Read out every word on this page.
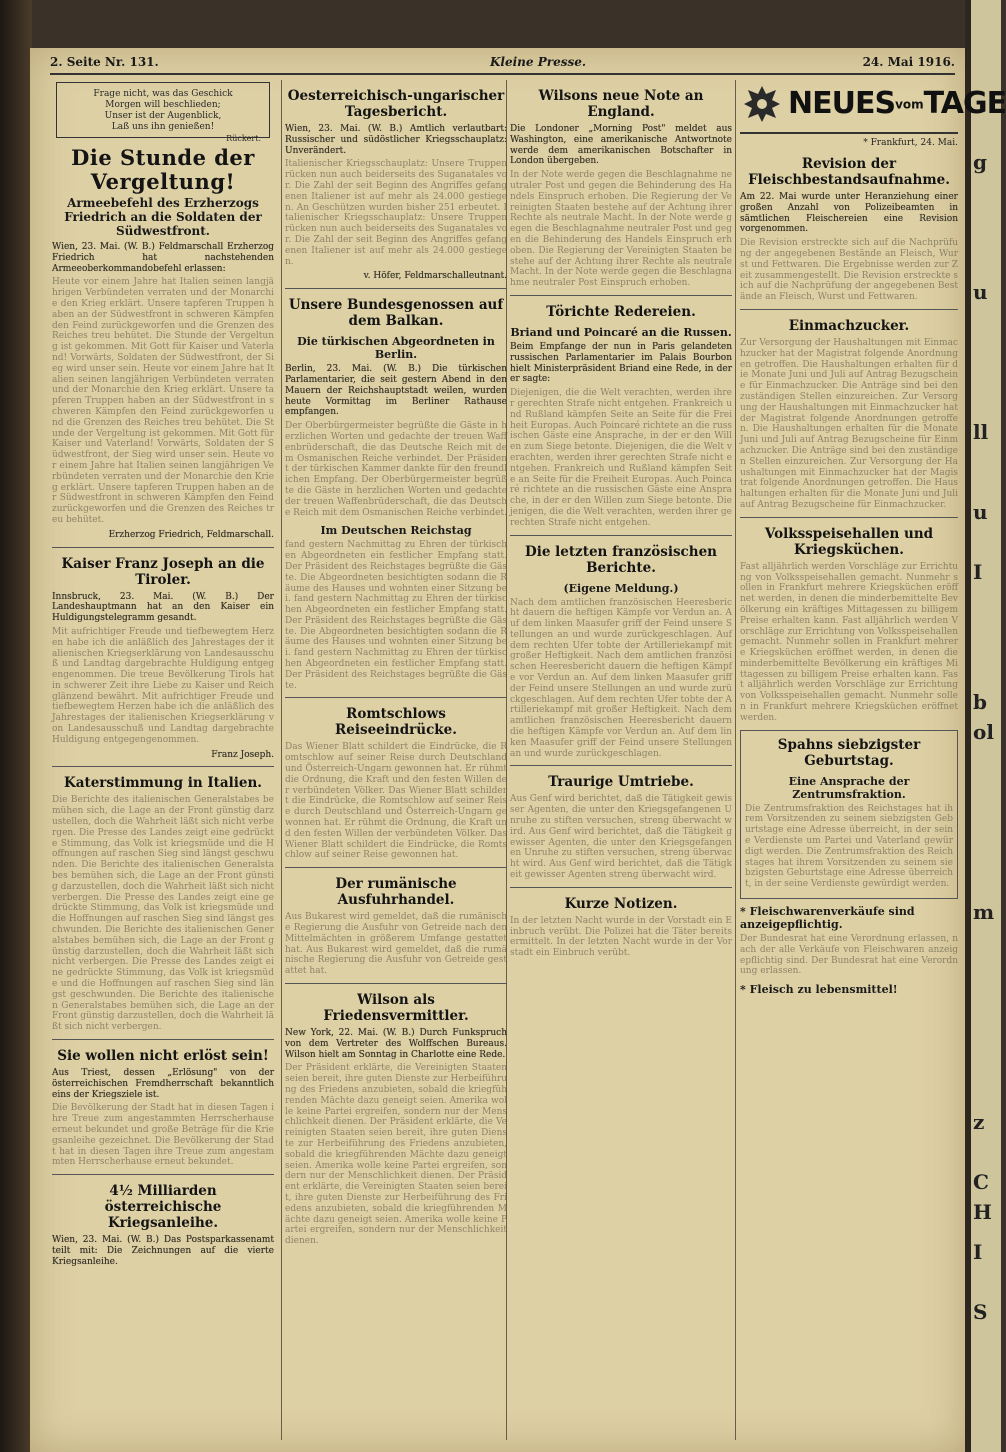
g
u
ll
u
I
b
ol
m
z
C
H
I
S
2. Seite Nr. 131.	Kleine Presse.	24. Mai 1916.
Frage nicht, was das Geschick
Morgen will beschlieden;
Unser ist der Augenblick,
Laß uns ihn genießen!
Rückert.
Die Stunde der Vergeltung!
Armeebefehl des Erzherzogs Friedrich an die Soldaten der Südwestfront.

Wien, 23. Mai. (W. B.) Feldmarschall Erzherzog Friedrich hat nachstehenden Armeeoberkommandobefehl erlassen:

Heute vor einem Jahre hat Italien seinen langjährigen Verbündeten verraten und der Monarchie den Krieg erklärt. Unsere tapferen Truppen haben an der Südwestfront in schweren Kämpfen den Feind zurückgeworfen und die Grenzen des Reiches treu behütet. Die Stunde der Vergeltung ist gekommen. Mit Gott für Kaiser und Vaterland! Vorwärts, Soldaten der Südwestfront, der Sieg wird unser sein. Heute vor einem Jahre hat Italien seinen langjährigen Verbündeten verraten und der Monarchie den Krieg erklärt. Unsere tapferen Truppen haben an der Südwestfront in schweren Kämpfen den Feind zurückgeworfen und die Grenzen des Reiches treu behütet. Die Stunde der Vergeltung ist gekommen. Mit Gott für Kaiser und Vaterland! Vorwärts, Soldaten der Südwestfront, der Sieg wird unser sein. Heute vor einem Jahre hat Italien seinen langjährigen Verbündeten verraten und der Monarchie den Krieg erklärt. Unsere tapferen Truppen haben an der Südwestfront in schweren Kämpfen den Feind zurückgeworfen und die Grenzen des Reiches treu behütet.

Erzherzog Friedrich, Feldmarschall.

Kaiser Franz Joseph an die Tiroler.

Innsbruck, 23. Mai. (W. B.) Der Landeshauptmann hat an den Kaiser ein Huldigungstelegramm gesandt.

Mit aufrichtiger Freude und tiefbewegtem Herzen habe ich die anläßlich des Jahrestages der italienischen Kriegserklärung von Landesausschuß und Landtag dargebrachte Huldigung entgegengenommen. Die treue Bevölkerung Tirols hat in schwerer Zeit ihre Liebe zu Kaiser und Reich glänzend bewährt. Mit aufrichtiger Freude und tiefbewegtem Herzen habe ich die anläßlich des Jahrestages der italienischen Kriegserklärung von Landesausschuß und Landtag dargebrachte Huldigung entgegengenommen.

Franz Joseph.

Katerstimmung in Italien.

Die Berichte des italienischen Generalstabes bemühen sich, die Lage an der Front günstig darzustellen, doch die Wahrheit läßt sich nicht verbergen. Die Presse des Landes zeigt eine gedrückte Stimmung, das Volk ist kriegsmüde und die Hoffnungen auf raschen Sieg sind längst geschwunden. Die Berichte des italienischen Generalstabes bemühen sich, die Lage an der Front günstig darzustellen, doch die Wahrheit läßt sich nicht verbergen. Die Presse des Landes zeigt eine gedrückte Stimmung, das Volk ist kriegsmüde und die Hoffnungen auf raschen Sieg sind längst geschwunden. Die Berichte des italienischen Generalstabes bemühen sich, die Lage an der Front günstig darzustellen, doch die Wahrheit läßt sich nicht verbergen. Die Presse des Landes zeigt eine gedrückte Stimmung, das Volk ist kriegsmüde und die Hoffnungen auf raschen Sieg sind längst geschwunden. Die Berichte des italienischen Generalstabes bemühen sich, die Lage an der Front günstig darzustellen, doch die Wahrheit läßt sich nicht verbergen.

Sie wollen nicht erlöst sein!

Aus Triest, dessen „Erlösung" von der österreichischen Fremdherrschaft bekanntlich eins der Kriegsziele ist.

Die Bevölkerung der Stadt hat in diesen Tagen ihre Treue zum angestammten Herrscherhause erneut bekundet und große Beträge für die Kriegsanleihe gezeichnet. Die Bevölkerung der Stadt hat in diesen Tagen ihre Treue zum angestammten Herrscherhause erneut bekundet.

4½ Milliarden österreichische Kriegsanleihe.

Wien, 23. Mai. (W. B.) Das Postsparkassenamt teilt mit: Die Zeichnungen auf die vierte Kriegsanleihe.

Oesterreichisch-ungarischer Tagesbericht.

Wien, 23. Mai. (W. B.) Amtlich verlautbart: Russischer und südöstlicher Kriegsschauplatz: Unverändert.

Italienischer Kriegsschauplatz: Unsere Truppen rücken nun auch beiderseits des Suganatales vor. Die Zahl der seit Beginn des Angriffes gefangenen Italiener ist auf mehr als 24.000 gestiegen. An Geschützen wurden bisher 251 erbeutet. Italienischer Kriegsschauplatz: Unsere Truppen rücken nun auch beiderseits des Suganatales vor. Die Zahl der seit Beginn des Angriffes gefangenen Italiener ist auf mehr als 24.000 gestiegen.

v. Höfer, Feldmarschalleutnant.

Unsere Bundesgenossen auf dem Balkan.
Die türkischen Abgeordneten in Berlin.

Berlin, 23. Mai. (W. B.) Die türkischen Parlamentarier, die seit gestern Abend in den Mauern der Reichshauptstadt weilen, wurden heute Vormittag im Berliner Rathause empfangen.

Der Oberbürgermeister begrüßte die Gäste in herzlichen Worten und gedachte der treuen Waffenbrüderschaft, die das Deutsche Reich mit dem Osmanischen Reiche verbindet. Der Präsident der türkischen Kammer dankte für den freundlichen Empfang. Der Oberbürgermeister begrüßte die Gäste in herzlichen Worten und gedachte der treuen Waffenbrüderschaft, die das Deutsche Reich mit dem Osmanischen Reiche verbindet.

Im Deutschen Reichstag

fand gestern Nachmittag zu Ehren der türkischen Abgeordneten ein festlicher Empfang statt. Der Präsident des Reichstages begrüßte die Gäste. Die Abgeordneten besichtigten sodann die Räume des Hauses und wohnten einer Sitzung bei. fand gestern Nachmittag zu Ehren der türkischen Abgeordneten ein festlicher Empfang statt. Der Präsident des Reichstages begrüßte die Gäste. Die Abgeordneten besichtigten sodann die Räume des Hauses und wohnten einer Sitzung bei. fand gestern Nachmittag zu Ehren der türkischen Abgeordneten ein festlicher Empfang statt. Der Präsident des Reichstages begrüßte die Gäste.

Romtschlows Reiseeindrücke.

Das Wiener Blatt schildert die Eindrücke, die Romtschlow auf seiner Reise durch Deutschland und Österreich-Ungarn gewonnen hat. Er rühmt die Ordnung, die Kraft und den festen Willen der verbündeten Völker. Das Wiener Blatt schildert die Eindrücke, die Romtschlow auf seiner Reise durch Deutschland und Österreich-Ungarn gewonnen hat. Er rühmt die Ordnung, die Kraft und den festen Willen der verbündeten Völker. Das Wiener Blatt schildert die Eindrücke, die Romtschlow auf seiner Reise gewonnen hat.

Der rumänische Ausfuhrhandel.

Aus Bukarest wird gemeldet, daß die rumänische Regierung die Ausfuhr von Getreide nach den Mittelmächten in größerem Umfange gestattet hat. Aus Bukarest wird gemeldet, daß die rumänische Regierung die Ausfuhr von Getreide gestattet hat.

Wilson als Friedensvermittler.

New York, 22. Mai. (W. B.) Durch Funkspruch von dem Vertreter des Wolffschen Bureaus. Wilson hielt am Sonntag in Charlotte eine Rede.

Der Präsident erklärte, die Vereinigten Staaten seien bereit, ihre guten Dienste zur Herbeiführung des Friedens anzubieten, sobald die kriegführenden Mächte dazu geneigt seien. Amerika wolle keine Partei ergreifen, sondern nur der Menschlichkeit dienen. Der Präsident erklärte, die Vereinigten Staaten seien bereit, ihre guten Dienste zur Herbeiführung des Friedens anzubieten, sobald die kriegführenden Mächte dazu geneigt seien. Amerika wolle keine Partei ergreifen, sondern nur der Menschlichkeit dienen. Der Präsident erklärte, die Vereinigten Staaten seien bereit, ihre guten Dienste zur Herbeiführung des Friedens anzubieten, sobald die kriegführenden Mächte dazu geneigt seien. Amerika wolle keine Partei ergreifen, sondern nur der Menschlichkeit dienen.

Wilsons neue Note an England.

Die Londoner „Morning Post" meldet aus Washington, eine amerikanische Antwortnote werde dem amerikanischen Botschafter in London übergeben.

In der Note werde gegen die Beschlagnahme neutraler Post und gegen die Behinderung des Handels Einspruch erhoben. Die Regierung der Vereinigten Staaten bestehe auf der Achtung ihrer Rechte als neutrale Macht. In der Note werde gegen die Beschlagnahme neutraler Post und gegen die Behinderung des Handels Einspruch erhoben. Die Regierung der Vereinigten Staaten bestehe auf der Achtung ihrer Rechte als neutrale Macht. In der Note werde gegen die Beschlagnahme neutraler Post Einspruch erhoben.

Törichte Redereien.
Briand und Poincaré an die Russen.

Beim Empfange der nun in Paris gelandeten russischen Parlamentarier im Palais Bourbon hielt Ministerpräsident Briand eine Rede, in der er sagte:

Diejenigen, die die Welt verachten, werden ihrer gerechten Strafe nicht entgehen. Frankreich und Rußland kämpfen Seite an Seite für die Freiheit Europas. Auch Poincaré richtete an die russischen Gäste eine Ansprache, in der er den Willen zum Siege betonte. Diejenigen, die die Welt verachten, werden ihrer gerechten Strafe nicht entgehen. Frankreich und Rußland kämpfen Seite an Seite für die Freiheit Europas. Auch Poincaré richtete an die russischen Gäste eine Ansprache, in der er den Willen zum Siege betonte. Diejenigen, die die Welt verachten, werden ihrer gerechten Strafe nicht entgehen.

Die letzten französischen Berichte.
(Eigene Meldung.)

Nach dem amtlichen französischen Heeresbericht dauern die heftigen Kämpfe vor Verdun an. Auf dem linken Maasufer griff der Feind unsere Stellungen an und wurde zurückgeschlagen. Auf dem rechten Ufer tobte der Artilleriekampf mit großer Heftigkeit. Nach dem amtlichen französischen Heeresbericht dauern die heftigen Kämpfe vor Verdun an. Auf dem linken Maasufer griff der Feind unsere Stellungen an und wurde zurückgeschlagen. Auf dem rechten Ufer tobte der Artilleriekampf mit großer Heftigkeit. Nach dem amtlichen französischen Heeresbericht dauern die heftigen Kämpfe vor Verdun an. Auf dem linken Maasufer griff der Feind unsere Stellungen an und wurde zurückgeschlagen.

Traurige Umtriebe.

Aus Genf wird berichtet, daß die Tätigkeit gewisser Agenten, die unter den Kriegsgefangenen Unruhe zu stiften versuchen, streng überwacht wird. Aus Genf wird berichtet, daß die Tätigkeit gewisser Agenten, die unter den Kriegsgefangenen Unruhe zu stiften versuchen, streng überwacht wird. Aus Genf wird berichtet, daß die Tätigkeit gewisser Agenten streng überwacht wird.

Kurze Notizen.

In der letzten Nacht wurde in der Vorstadt ein Einbruch verübt. Die Polizei hat die Täter bereits ermittelt. In der letzten Nacht wurde in der Vorstadt ein Einbruch verübt.

NEUESvomTAGE
* Frankfurt, 24. Mai.
Revision der Fleischbestandsaufnahme.

Am 22. Mai wurde unter Heranziehung einer großen Anzahl von Polizeibeamten in sämtlichen Fleischereien eine Revision vorgenommen.

Die Revision erstreckte sich auf die Nachprüfung der angegebenen Bestände an Fleisch, Wurst und Fettwaren. Die Ergebnisse werden zur Zeit zusammengestellt. Die Revision erstreckte sich auf die Nachprüfung der angegebenen Bestände an Fleisch, Wurst und Fettwaren.

Einmachzucker.

Zur Versorgung der Haushaltungen mit Einmachzucker hat der Magistrat folgende Anordnungen getroffen. Die Haushaltungen erhalten für die Monate Juni und Juli auf Antrag Bezugscheine für Einmachzucker. Die Anträge sind bei den zuständigen Stellen einzureichen. Zur Versorgung der Haushaltungen mit Einmachzucker hat der Magistrat folgende Anordnungen getroffen. Die Haushaltungen erhalten für die Monate Juni und Juli auf Antrag Bezugscheine für Einmachzucker. Die Anträge sind bei den zuständigen Stellen einzureichen. Zur Versorgung der Haushaltungen mit Einmachzucker hat der Magistrat folgende Anordnungen getroffen. Die Haushaltungen erhalten für die Monate Juni und Juli auf Antrag Bezugscheine für Einmachzucker.

Volksspeisehallen und Kriegsküchen.

Fast alljährlich werden Vorschläge zur Errichtung von Volksspeisehallen gemacht. Nunmehr sollen in Frankfurt mehrere Kriegsküchen eröffnet werden, in denen die minderbemittelte Bevölkerung ein kräftiges Mittagessen zu billigem Preise erhalten kann. Fast alljährlich werden Vorschläge zur Errichtung von Volksspeisehallen gemacht. Nunmehr sollen in Frankfurt mehrere Kriegsküchen eröffnet werden, in denen die minderbemittelte Bevölkerung ein kräftiges Mittagessen zu billigem Preise erhalten kann. Fast alljährlich werden Vorschläge zur Errichtung von Volksspeisehallen gemacht. Nunmehr sollen in Frankfurt mehrere Kriegsküchen eröffnet werden.

Spahns siebzigster Geburtstag.
Eine Ansprache der Zentrumsfraktion.

Die Zentrumsfraktion des Reichstages hat ihrem Vorsitzenden zu seinem siebzigsten Geburtstage eine Adresse überreicht, in der seine Verdienste um Partei und Vaterland gewürdigt werden. Die Zentrumsfraktion des Reichstages hat ihrem Vorsitzenden zu seinem siebzigsten Geburtstage eine Adresse überreicht, in der seine Verdienste gewürdigt werden.

* Fleischwarenverkäufe sind anzeigepflichtig.

Der Bundesrat hat eine Verordnung erlassen, nach der alle Verkäufe von Fleischwaren anzeigepflichtig sind. Der Bundesrat hat eine Verordnung erlassen.

* Fleisch zu lebensmittel!
